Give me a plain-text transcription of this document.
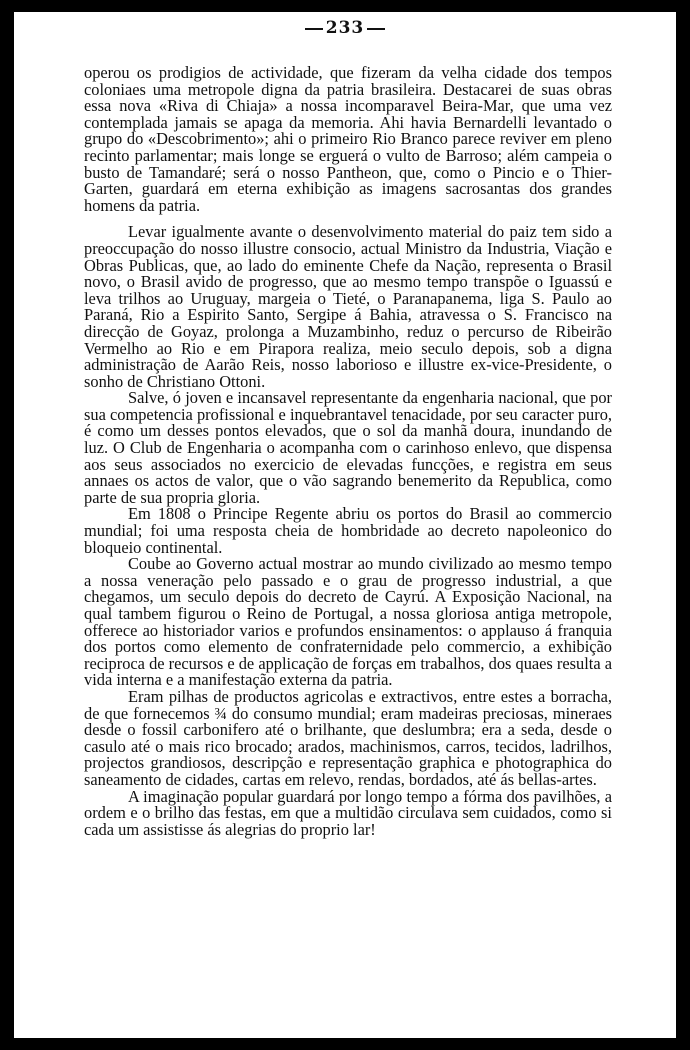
233

operou os prodigios de actividade, que fizeram da velha cidade dos tempos coloniaes uma metropole digna da patria brasileira. Destacarei de suas obras essa nova «Riva di Chiaja» a nossa incomparavel Beira-Mar, que uma vez contemplada jamais se apaga da memoria. Ahi havia Bernardelli levantado o grupo do «Descobrimento»; ahi o primeiro Rio Branco parece reviver em pleno recinto parlamentar; mais longe se erguerá o vulto de Barroso; além campeia o busto de Tamandaré; será o nosso Pantheon, que, como o Pincio e o Thier-Garten, guardará em eterna exhibição as imagens sacrosantas dos grandes homens da patria.

Levar igualmente avante o desenvolvimento material do paiz tem sido a preoccupação do nosso illustre consocio, actual Ministro da Industria, Viação e Obras Publicas, que, ao lado do eminente Chefe da Nação, representa o Brasil novo, o Brasil avido de progresso, que ao mesmo tempo transpõe o Iguassú e leva trilhos ao Uruguay, margeia o Tieté, o Paranapanema, liga S. Paulo ao Paraná, Rio a Espirito Santo, Sergipe á Bahia, atravessa o S. Francisco na direcção de Goyaz, prolonga a Muzambinho, reduz o percurso de Ribeirão Vermelho ao Rio e em Pirapora realiza, meio seculo depois, sob a digna administração de Aarão Reis, nosso laborioso e illustre ex-vice-Presidente, o sonho de Christiano Ottoni.

Salve, ó joven e incansavel representante da engenharia nacional, que por sua competencia profissional e inquebrantavel tenacidade, por seu caracter puro, é como um desses pontos elevados, que o sol da manhã doura, inundando de luz. O Club de Engenharia o acompanha com o carinhoso enlevo, que dispensa aos seus associados no exercicio de elevadas funcções, e registra em seus annaes os actos de valor, que o vão sagrando benemerito da Republica, como parte de sua propria gloria.

Em 1808 o Principe Regente abriu os portos do Brasil ao commercio mundial; foi uma resposta cheia de hombridade ao decreto napoleonico do bloqueio continental.

Coube ao Governo actual mostrar ao mundo civilizado ao mesmo tempo a nossa veneração pelo passado e o grau de progresso industrial, a que chegamos, um seculo depois do decreto de Cayrú. A Exposição Nacional, na qual tambem figurou o Reino de Portugal, a nossa gloriosa antiga metropole, offerece ao historiador varios e profundos ensinamentos: o applauso á franquia dos portos como elemento de confraternidade pelo commercio, a exhibição reciproca de recursos e de applicação de forças em trabalhos, dos quaes resulta a vida interna e a manifestação externa da patria.

Eram pilhas de productos agricolas e extractivos, entre estes a borracha, de que fornecemos ¾ do consumo mundial; eram madeiras preciosas, mineraes desde o fossil carbonifero até o brilhante, que deslumbra; era a seda, desde o casulo até o mais rico brocado; arados, machinismos, carros, tecidos, ladrilhos, projectos grandiosos, descripção e representação graphica e photographica do saneamento de cidades, cartas em relevo, rendas, bordados, até ás bellas-artes.

A imaginação popular guardará por longo tempo a fórma dos pavilhões, a ordem e o brilho das festas, em que a multidão circulava sem cuidados, como si cada um assistisse ás alegrias do proprio lar!
